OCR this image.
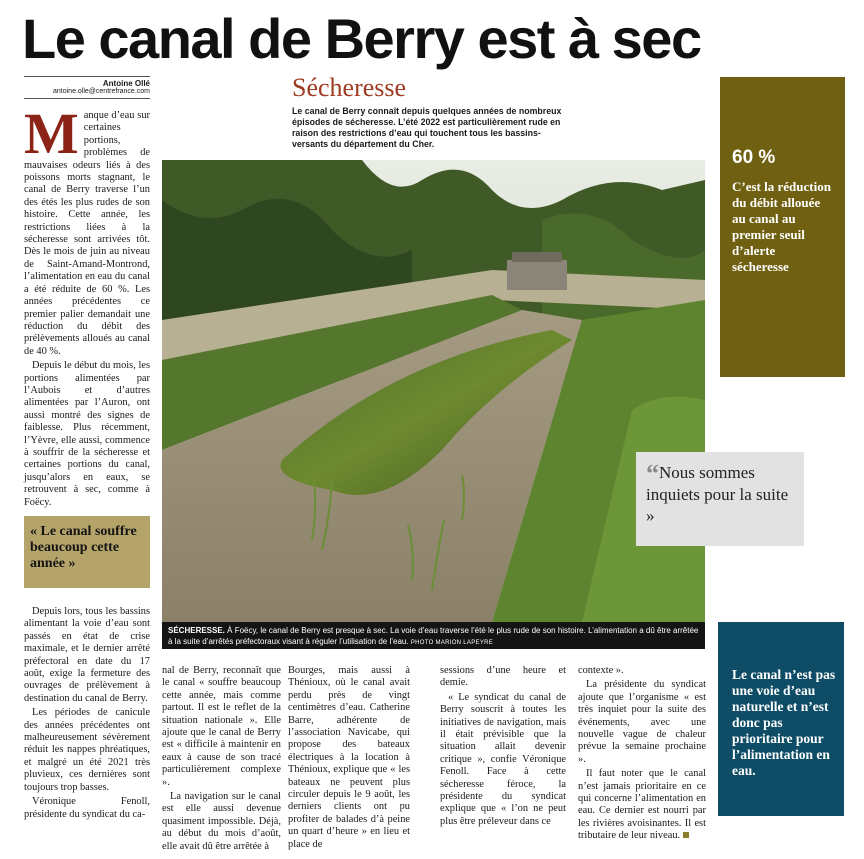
Le canal de Berry est à sec
Antoine Ollé
antoine.olle@centrefrance.com	Sécheresse
Le canal de Berry connaît depuis quelques années de nombreux épisodes de sécheresse. L’été 2022 est particulièrement rude en raison des restrictions d’eau qui touchent tous les bassins-versants du département du Cher.

Manque d’eau sur certaines portions, problèmes de mauvaises odeurs liés à des poissons morts stagnant, le canal de Berry traverse l’un des étés les plus rudes de son histoire. Cette année, les restrictions liées à la sécheresse sont arrivées tôt. Dès le mois de juin au niveau de Saint-Amand-Montrond, l’alimentation en eau du canal a été réduite de 60 %. Les années précédentes ce premier palier demandait une réduction du débit des prélèvements alloués au canal de 40 %.

Depuis le début du mois, les portions alimentées par l’Aubois et d’autres alimentées par l’Auron, ont aussi montré des signes de faiblesse. Plus récemment, l’Yèvre, elle aussi, commence à souffrir de la sécheresse et certaines portions du canal, jusqu’alors en eaux, se retrouvent à sec, comme à Foëcy.

« Le canal souffre beaucoup cette année »

Depuis lors, tous les bassins alimentant la voie d’eau sont passés en état de crise maximale, et le dernier arrêté préfectoral en date du 17 août, exige la fermeture des ouvrages de prélèvement à destination du canal de Berry.

Les périodes de canicule des années précédentes ont malheureusement sévèrement réduit les nappes phréatiques, et malgré un été 2021 très pluvieux, ces dernières sont toujours trop basses.

Véronique Fenoll, présidente du syndicat du ca-

SÉCHERESSE. À Foëcy, le canal de Berry est presque à sec. La voie d’eau traverse l’été le plus rude de son histoire. L’alimentation a dû être arrêtée à la suite d’arrêtés préfectoraux visant à réguler l’utilisation de l’eau. PHOTO MARION LAPEYRE
60 %
C’est la réduction du débit allouée au canal au premier seuil d’alerte sécheresse
“Nous sommes inquiets pour la suite »
Le canal n’est pas une voie d’eau naturelle et n’est donc pas prioritaire pour l’alimentation en eau.

nal de Berry, reconnaît que le canal « souffre beaucoup cette année, mais comme partout. Il est le reflet de la situation nationale ». Elle ajoute que le canal de Berry est « difficile à maintenir en eaux à cause de son tracé particulièrement complexe ».

La navigation sur le canal est elle aussi devenue quasiment impossible. Déjà, au début du mois d’août, elle avait dû être arrêtée à

Bourges, mais aussi à Thénioux, où le canal avait perdu près de vingt centimètres d’eau. Catherine Barre, adhérente de l’association Navicabe, qui propose des bateaux électriques à la location à Thénioux, explique que « les bateaux ne peuvent plus circuler depuis le 9 août, les derniers clients ont pu profiter de balades d’à peine un quart d’heure » en lieu et place de

sessions d’une heure et demie.

« Le syndicat du canal de Berry souscrit à toutes les initiatives de navigation, mais il était prévisible que la situation allait devenir critique », confie Véronique Fenoll. Face à cette sécheresse féroce, la présidente du syndicat explique que « l’on ne peut plus être préleveur dans ce

contexte ».

La présidente du syndicat ajoute que l’organisme « est très inquiet pour la suite des événements, avec une nouvelle vague de chaleur prévue la semaine prochaine ».

Il faut noter que le canal n’est jamais prioritaire en ce qui concerne l’alimentation en eau. Ce dernier est nourri par les rivières avoisinantes. Il est tributaire de leur niveau.
